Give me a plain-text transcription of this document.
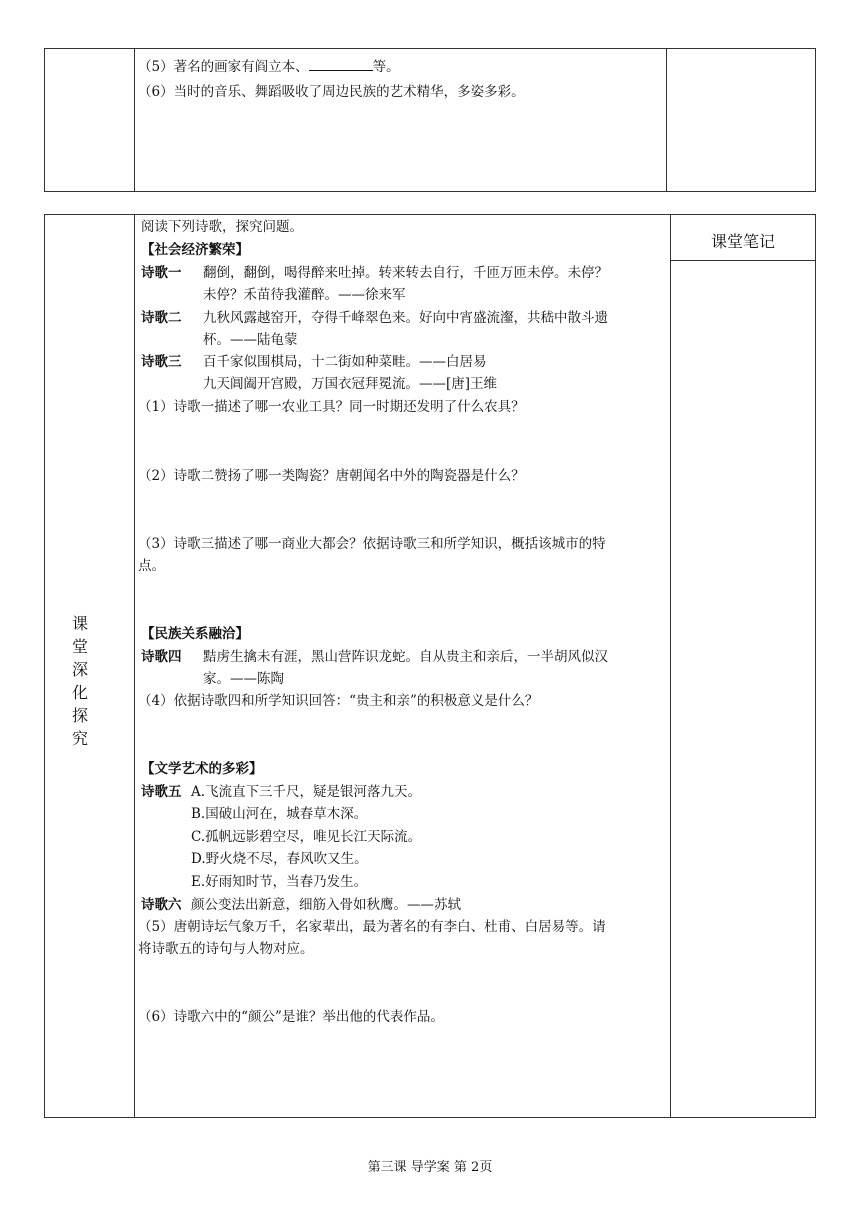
（5）著名的画家有阎立本、	等。
（6）当时的音乐、舞蹈吸收了周边民族的艺术精华，多姿多彩。
课堂笔记
课
堂
深
化
探
究
阅读下列诗歌，探究问题。
【社会经济繁荣】
诗歌一 翻倒，翻倒，喝得醉来吐掉。转来转去自行，千匝万匝未停。未停？
未停？禾苗待我灌醉。——徐来军
诗歌二 九秋风露越窑开，夺得千峰翠色来。好向中宵盛流瀣，共嵇中散斗遗
杯。——陆龟蒙
诗歌三 百千家似围棋局，十二街如种菜畦。——白居易
九天阊阖开宫殿，万国衣冠拜冕流。——[唐]王维
（1）诗歌一描述了哪一农业工具？同一时期还发明了什么农具？
（2）诗歌二赞扬了哪一类陶瓷？唐朝闻名中外的陶瓷器是什么？
（3）诗歌三描述了哪一商业大都会？依据诗歌三和所学知识，概括该城市的特
点。
【民族关系融洽】
诗歌四 黠虏生擒未有涯，黑山营阵识龙蛇。自从贵主和亲后，一半胡风似汉
家。——陈陶
（4）依据诗歌四和所学知识回答：“贵主和亲”的积极意义是什么？
【文学艺术的多彩】
诗歌五 A.飞流直下三千尺，疑是银河落九天。
B.国破山河在，城春草木深。
C.孤帆远影碧空尽，唯见长江天际流。
D.野火烧不尽，春风吹又生。
E.好雨知时节，当春乃发生。
诗歌六 颜公变法出新意，细筋入骨如秋鹰。——苏轼
（5）唐朝诗坛气象万千，名家辈出，最为著名的有李白、杜甫、白居易等。请
将诗歌五的诗句与人物对应。
（6）诗歌六中的“颜公”是谁？举出他的代表作品。
第三课 导学案 第 2页
